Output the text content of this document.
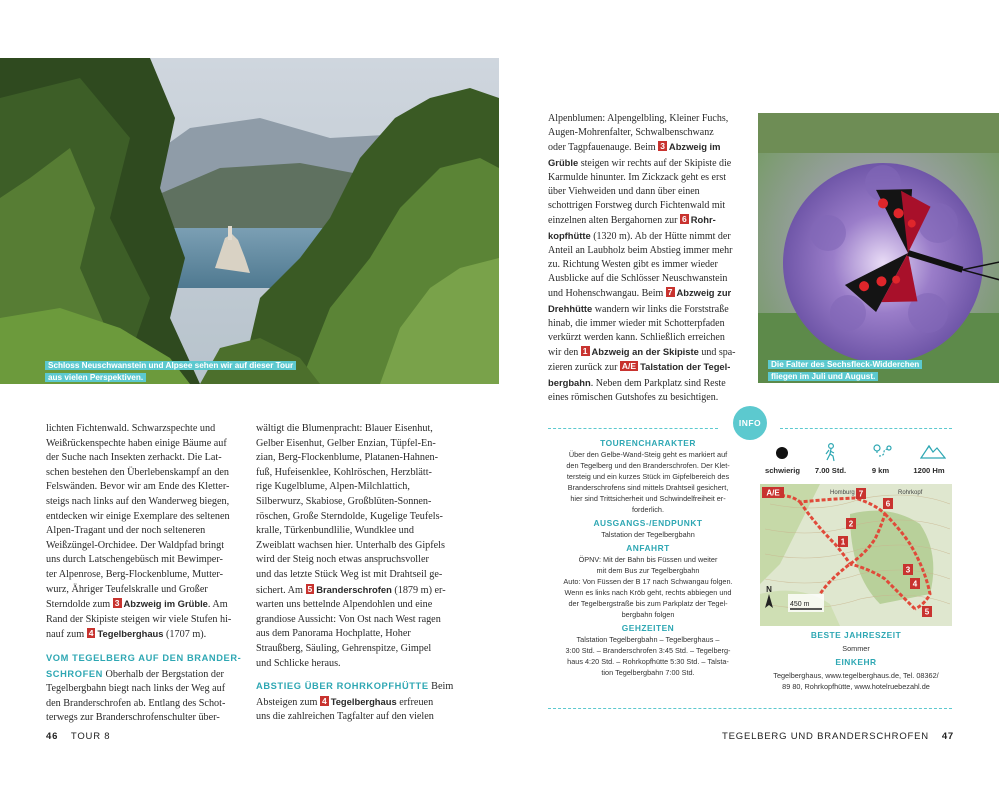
Schloss Neuschwanstein und Alpsee sehen wir auf dieser Tour
aus vielen Perspektiven.

lichten Fichtenwald. Schwarzspechte und

Weißrückenspechte haben einige Bäume auf

der Suche nach Insekten zerhackt. Die Lat-

schen bestehen den Überlebenskampf an den

Felswänden. Bevor wir am Ende des Kletter-

steigs nach links auf den Wanderweg biegen,

entdecken wir einige Exemplare des seltenen

Alpen-Tragant und der noch selteneren

Weißzüngel-Orchidee. Der Waldpfad bringt

uns durch Latschengebüsch mit Bewimper-

ter Alpenrose, Berg-Flockenblume, Mutter-

wurz, Ähriger Teufelskralle und Großer

Sterndolde zum 3 Abzweig im Grüble. Am

Rand der Skipiste steigen wir viele Stufen hi-

nauf zum 4 Tegelberghaus (1707 m).

VOM TEGELBERG AUF DEN BRANDER-

SCHROFEN Oberhalb der Bergstation der

Tegelbergbahn biegt nach links der Weg auf

den Branderschrofen ab. Entlang des Schot-

terwegs zur Branderschrofenschulter über-

wältigt die Blumenpracht: Blauer Eisenhut,

Gelber Eisenhut, Gelber Enzian, Tüpfel-En-

zian, Berg-Flockenblume, Platanen-Hahnen-

fuß, Hufeisenklee, Kohlröschen, Herzblätt-

rige Kugelblume, Alpen-Milchlattich,

Silberwurz, Skabiose, Großblüten-Sonnen-

röschen, Große Sterndolde, Kugelige Teufels-

kralle, Türkenbundlilie, Wundklee und

Zweiblatt wachsen hier. Unterhalb des Gipfels

wird der Steig noch etwas anspruchsvoller

und das letzte Stück Weg ist mit Drahtseil ge-

sichert. Am 5 Branderschrofen (1879 m) er-

warten uns bettelnde Alpendohlen und eine

grandiose Aussicht: Von Ost nach West ragen

aus dem Panorama Hochplatte, Hoher

Straußberg, Säuling, Gehrenspitze, Gimpel

und Schlicke heraus.

ABSTIEG ÜBER ROHRKOPFHÜTTE Beim

Absteigen zum 4 Tegelberghaus erfreuen

uns die zahlreichen Tagfalter auf den vielen

46 TOUR 8

Alpenblumen: Alpengelbling, Kleiner Fuchs,

Augen-Mohrenfalter, Schwalbenschwanz

oder Tagpfauenauge. Beim 3 Abzweig im

Grüble steigen wir rechts auf der Skipiste die

Karmulde hinunter. Im Zickzack geht es erst

über Viehweiden und dann über einen

schottrigen Forstweg durch Fichtenwald mit

einzelnen alten Bergahornen zur 6 Rohr-

kopfhütte (1320 m). Ab der Hütte nimmt der

Anteil an Laubholz beim Abstieg immer mehr

zu. Richtung Westen gibt es immer wieder

Ausblicke auf die Schlösser Neuschwanstein

und Hohenschwangau. Beim 7 Abzweig zur

Drehhütte wandern wir links die Forststraße

hinab, die immer wieder mit Schotterpfaden

verkürzt werden kann. Schließlich erreichen

wir den 1 Abzweig an der Skipiste und spa-

zieren zurück zur A/E Talstation der Tegel-

bergbahn. Neben dem Parkplatz sind Reste

eines römischen Gutshofes zu besichtigen.

Die Falter des Sechsfleck-Widderchen
fliegen im Juli und August.
INFO

TOURENCHARAKTER

Über den Gelbe-Wand-Steig geht es markiert auf
den Tegelberg und den Branderschrofen. Der Klet-
tersteig und ein kurzes Stück im Gipfelbereich des
Branderschrofens sind mittels Drahtseil gesichert,
hier sind Trittsicherheit und Schwindelfreiheit er-
forderlich.

AUSGANGS-/ENDPUNKT

Talstation der Tegelbergbahn

ANFAHRT

ÖPNV: Mit der Bahn bis Füssen und weiter
mit dem Bus zur Tegelbergbahn
Auto: Von Füssen der B 17 nach Schwangau folgen.
Wenn es links nach Kröb geht, rechts abbiegen und
der Tegelbergstraße bis zum Parkplatz der Tegel-
bergbahn folgen

GEHZEITEN

Talstation Tegelbergbahn – Tegelberghaus –
3:00 Std. – Branderschrofen 3:45 Std. – Tegelberg-
haus 4:20 Std. – Rohrkopfhütte 5:30 Std. – Talsta-
tion Tegelbergbahn 7:00 Std.
schwierig	7.00 Std.	9 km	1200 Hm
A/E	Homburg	Rohrkopf
7
6
2
1
3
4
5
450 m
N

BESTE JAHRESZEIT

Sommer

EINKEHR

Tegelberghaus, www.tegelberghaus.de, Tel. 08362/
89 80, Rohrkopfhütte, www.hotelruebezahl.de
TEGELBERG UND BRANDERSCHROFEN 47
